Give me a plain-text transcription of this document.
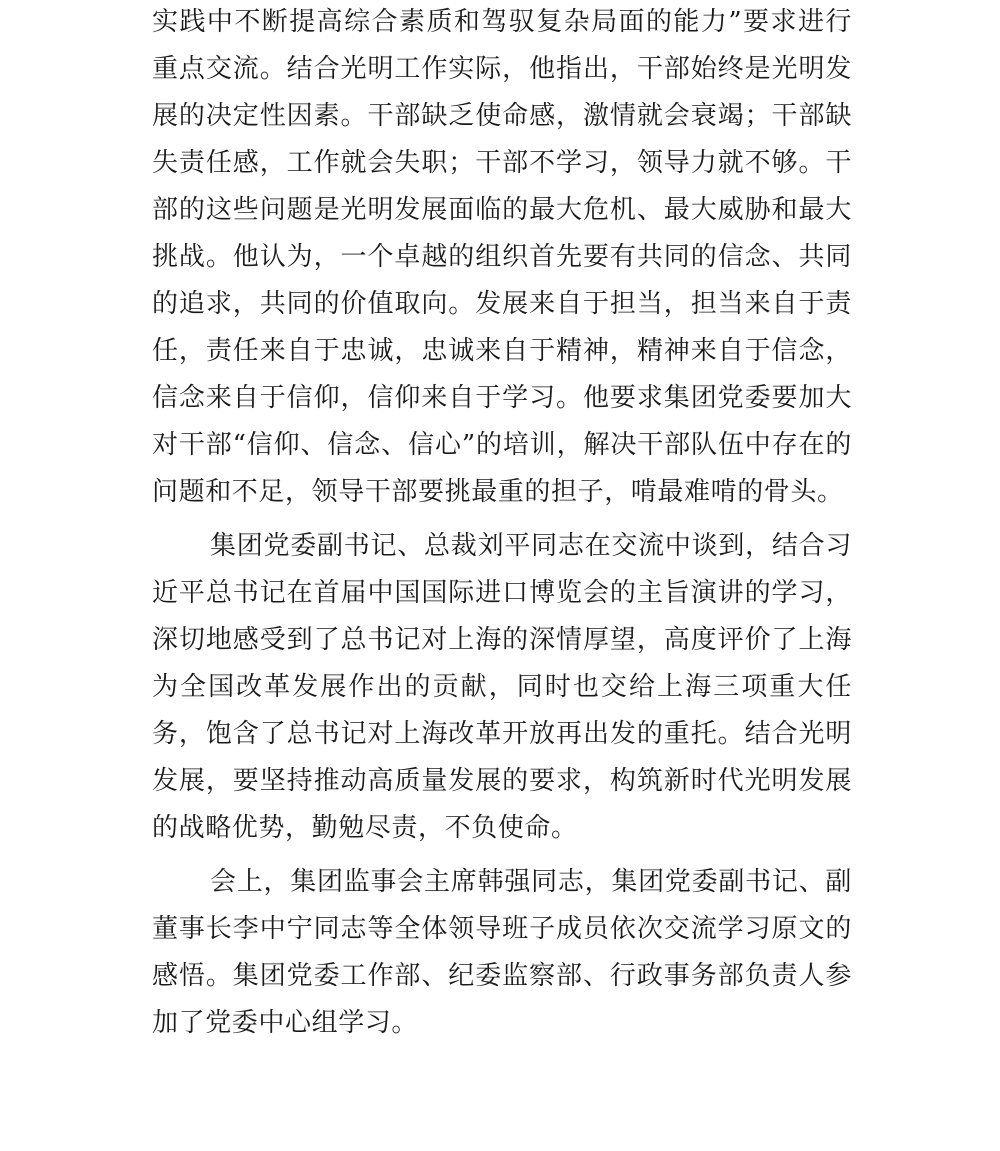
实践中不断提高综合素质和驾驭复杂局面的能力”要求进行重点交流。结合光明工作实际，他指出，干部始终是光明发展的决定性因素。干部缺乏使命感，激情就会衰竭；干部缺失责任感，工作就会失职；干部不学习，领导力就不够。干部的这些问题是光明发展面临的最大危机、最大威胁和最大挑战。他认为，一个卓越的组织首先要有共同的信念、共同的追求，共同的价值取向。发展来自于担当，担当来自于责任，责任来自于忠诚，忠诚来自于精神，精神来自于信念，信念来自于信仰，信仰来自于学习。他要求集团党委要加大对干部“信仰、信念、信心”的培训，解决干部队伍中存在的问题和不足，领导干部要挑最重的担子，啃最难啃的骨头。

集团党委副书记、总裁刘平同志在交流中谈到，结合习近平总书记在首届中国国际进口博览会的主旨演讲的学习，深切地感受到了总书记对上海的深情厚望，高度评价了上海为全国改革发展作出的贡献，同时也交给上海三项重大任务，饱含了总书记对上海改革开放再出发的重托。结合光明发展，要坚持推动高质量发展的要求，构筑新时代光明发展的战略优势，勤勉尽责，不负使命。

会上，集团监事会主席韩强同志，集团党委副书记、副董事长李中宁同志等全体领导班子成员依次交流学习原文的感悟。集团党委工作部、纪委监察部、行政事务部负责人参加了党委中心组学习。
